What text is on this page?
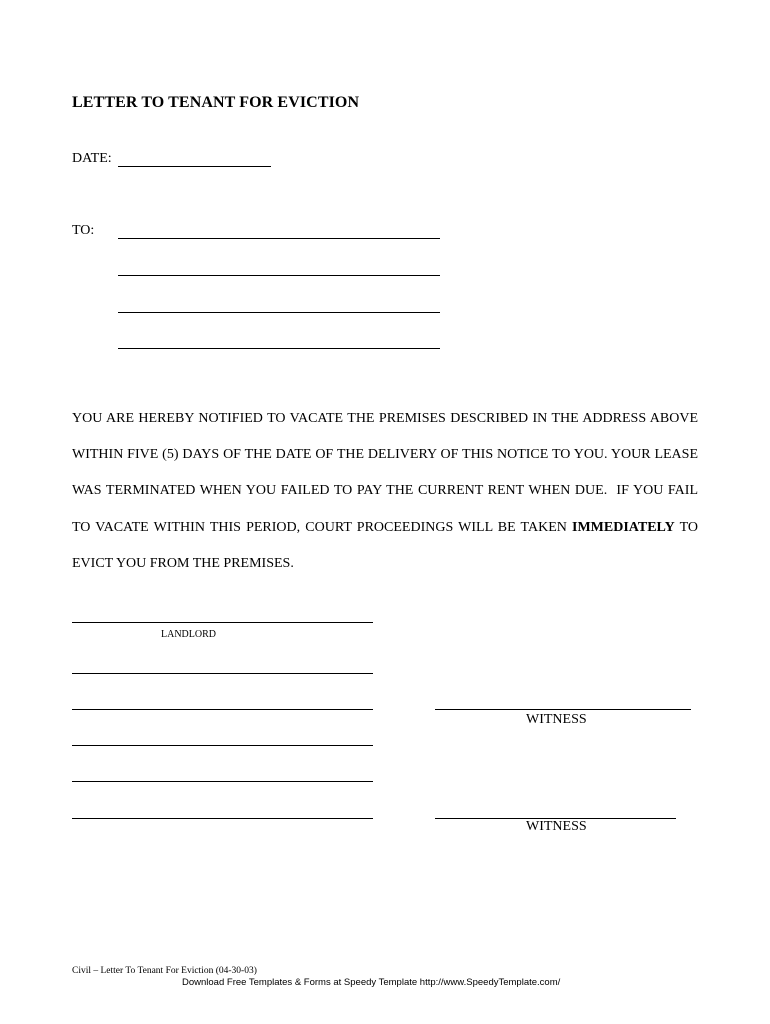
LETTER TO TENANT FOR EVICTION
DATE:
TO:
YOU ARE HEREBY NOTIFIED TO VACATE THE PREMISES DESCRIBED IN THE ADDRESS ABOVE WITHIN FIVE (5) DAYS OF THE DATE OF THE DELIVERY OF THIS NOTICE TO YOU. YOUR LEASE WAS TERMINATED WHEN YOU FAILED TO PAY THE CURRENT RENT WHEN DUE.  IF YOU FAIL TO VACATE WITHIN THIS PERIOD, COURT PROCEEDINGS WILL BE TAKEN IMMEDIATELY TO EVICT YOU FROM THE PREMISES.
LANDLORD
WITNESS
WITNESS
Civil – Letter To Tenant For Eviction (04-30-03)
Download Free Templates & Forms at Speedy Template http://www.SpeedyTemplate.com/
